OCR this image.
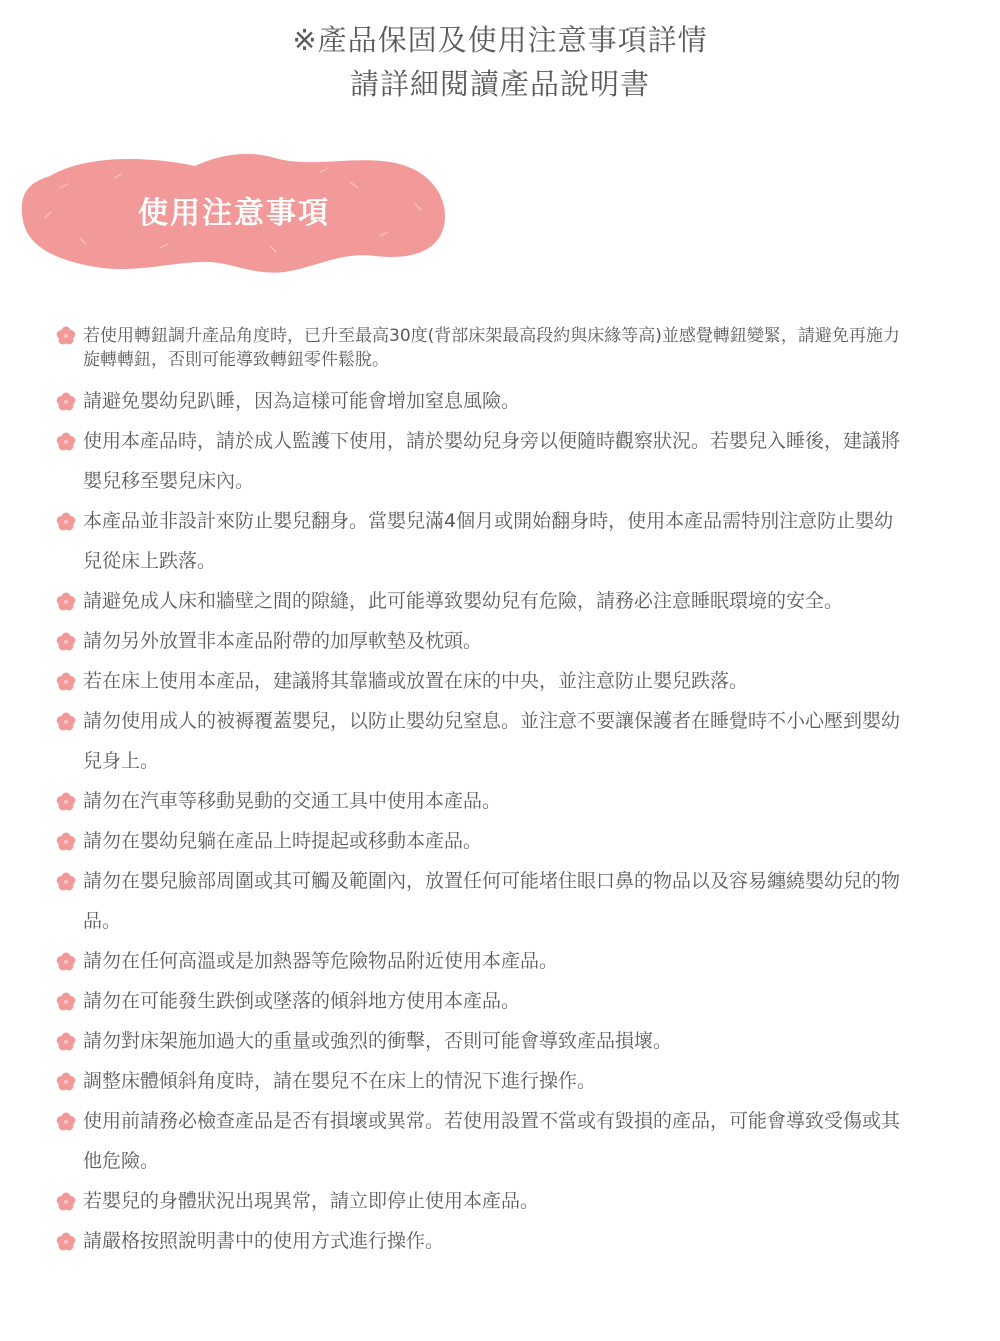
※產品保固及使用注意事項詳情
請詳細閱讀產品說明書
使用注意事項
若使用轉鈕調升產品角度時，已升至最高30度(背部床架最高段約與床緣等高)並感覺轉鈕變緊，請避免再施力旋轉轉鈕，否則可能導致轉鈕零件鬆脫。
請避免嬰幼兒趴睡，因為這樣可能會增加窒息風險。
使用本產品時，請於成人監護下使用，請於嬰幼兒身旁以便隨時觀察狀況。若嬰兒入睡後，建議將嬰兒移至嬰兒床內。
本產品並非設計來防止嬰兒翻身。當嬰兒滿4個月或開始翻身時，使用本產品需特別注意防止嬰幼兒從床上跌落。
請避免成人床和牆壁之間的隙縫，此可能導致嬰幼兒有危險，請務必注意睡眠環境的安全。
請勿另外放置非本產品附帶的加厚軟墊及枕頭。
若在床上使用本產品，建議將其靠牆或放置在床的中央，並注意防止嬰兒跌落。
請勿使用成人的被褥覆蓋嬰兒，以防止嬰幼兒窒息。並注意不要讓保護者在睡覺時不小心壓到嬰幼兒身上。
請勿在汽車等移動晃動的交通工具中使用本產品。
請勿在嬰幼兒躺在產品上時提起或移動本產品。
請勿在嬰兒臉部周圍或其可觸及範圍內，放置任何可能堵住眼口鼻的物品以及容易纏繞嬰幼兒的物品。
請勿在任何高溫或是加熱器等危險物品附近使用本產品。
請勿在可能發生跌倒或墜落的傾斜地方使用本產品。
請勿對床架施加過大的重量或強烈的衝擊，否則可能會導致產品損壞。
調整床體傾斜角度時，請在嬰兒不在床上的情況下進行操作。
使用前請務必檢查產品是否有損壞或異常。若使用設置不當或有毀損的產品，可能會導致受傷或其他危險。
若嬰兒的身體狀況出現異常，請立即停止使用本產品。
請嚴格按照說明書中的使用方式進行操作。
